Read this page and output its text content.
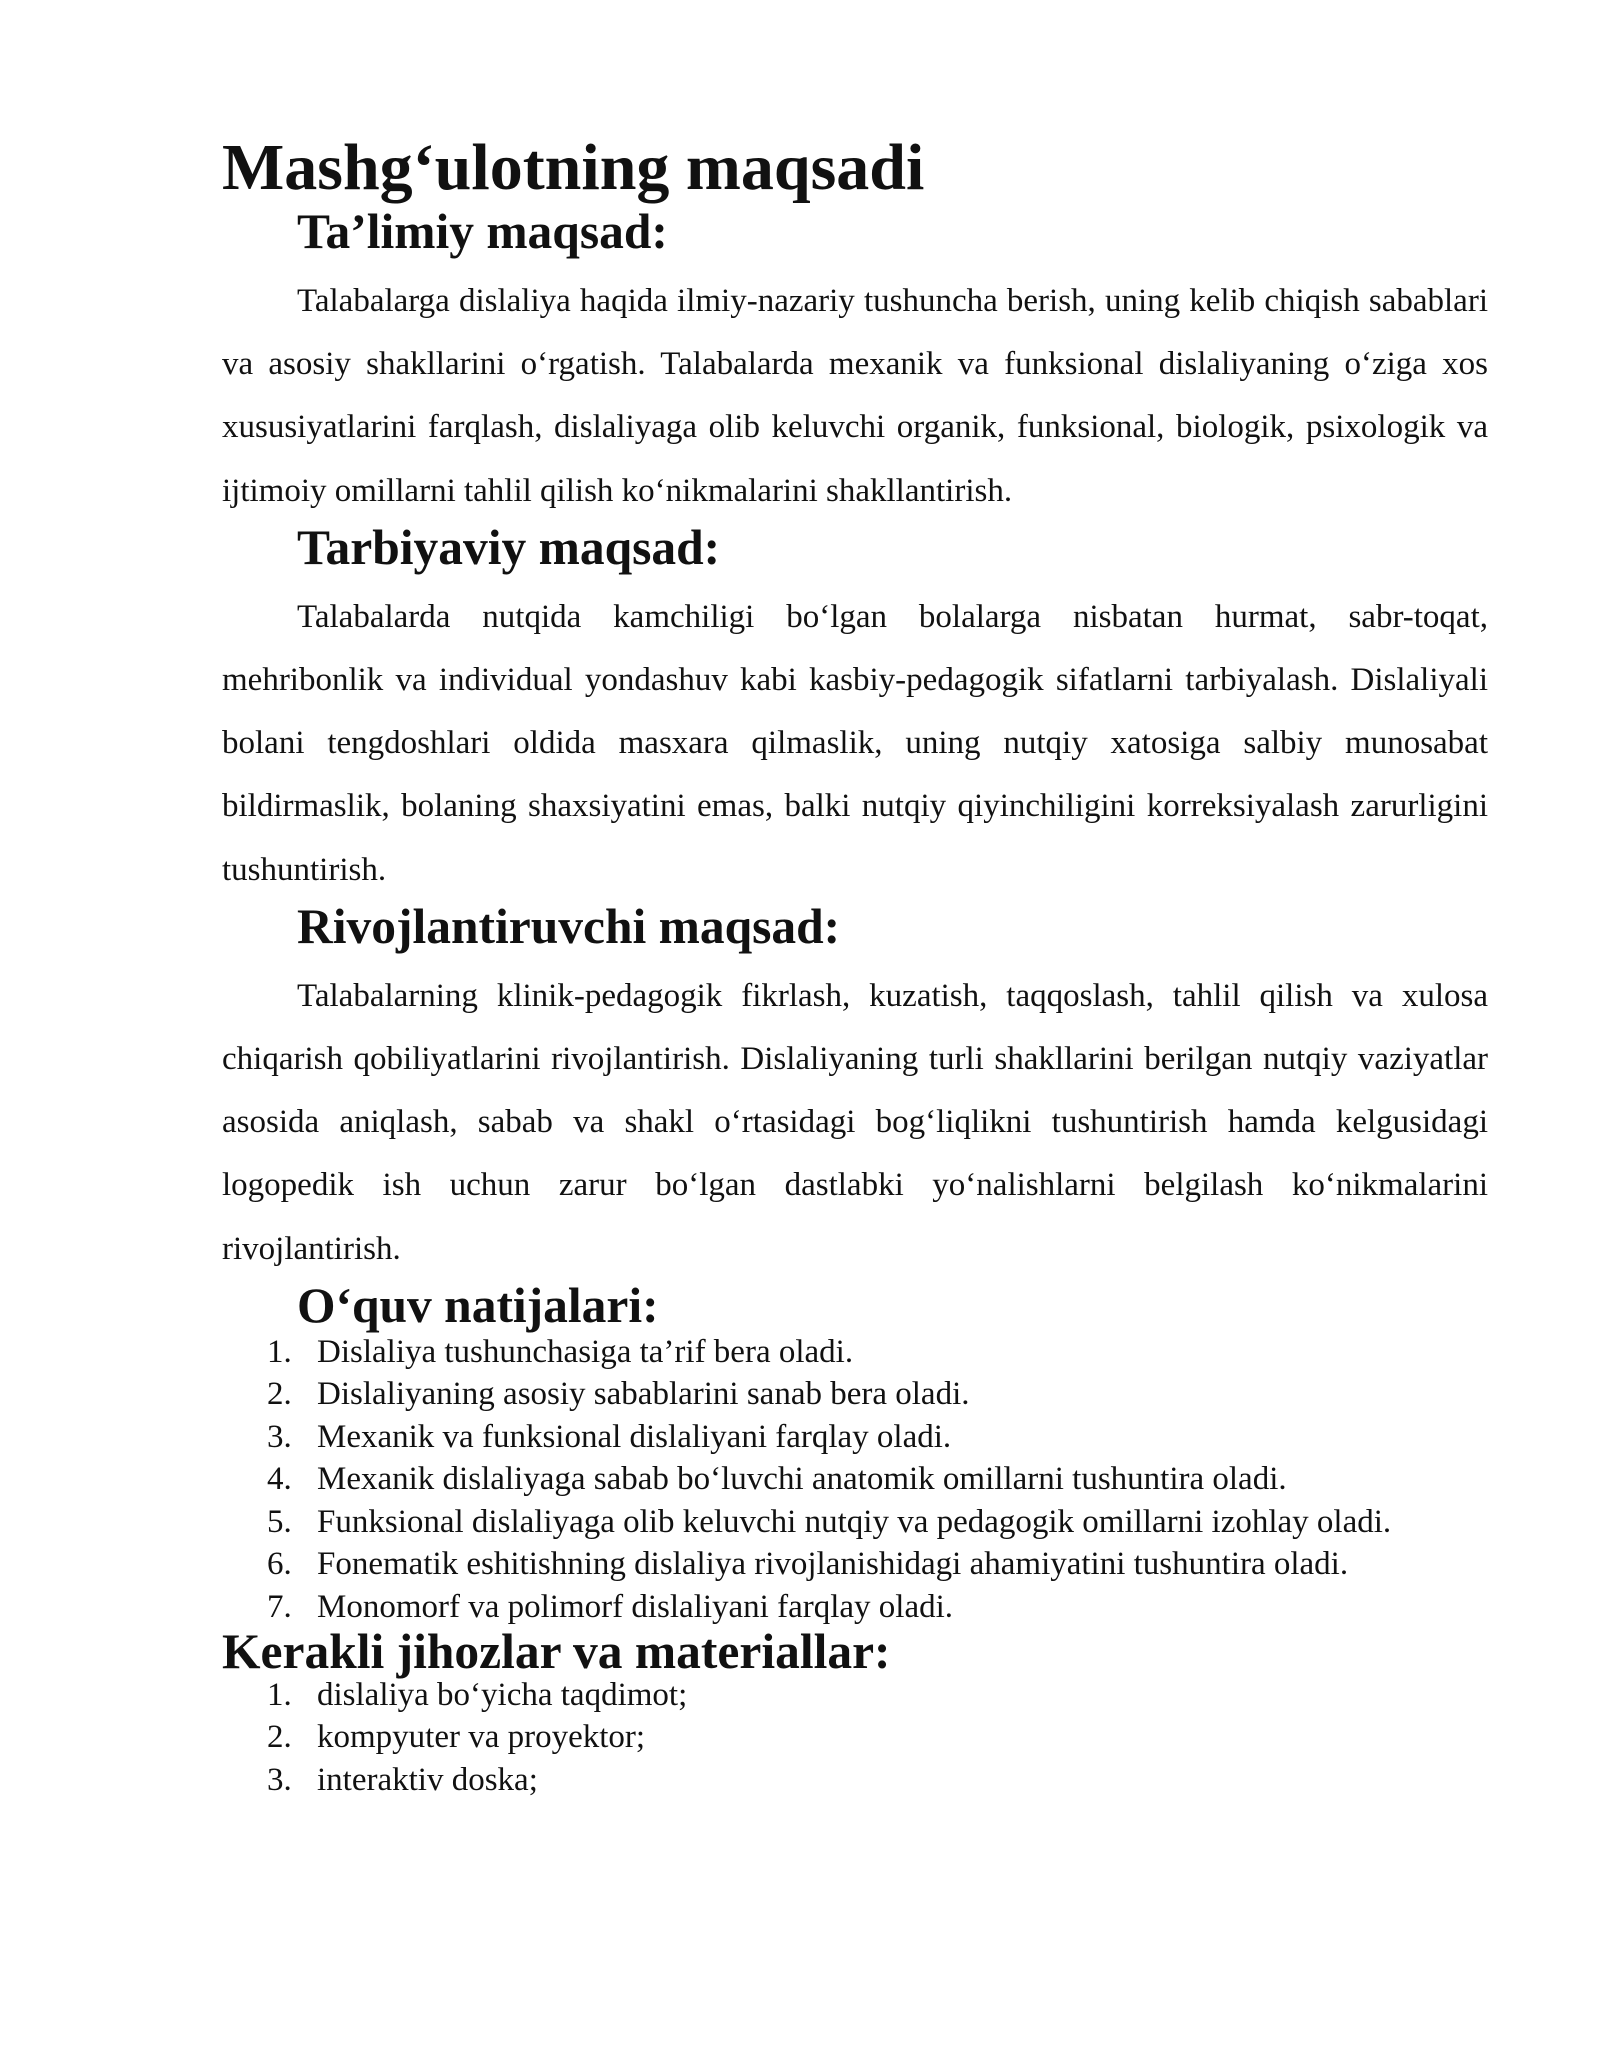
Mashg‘ulotning maqsadi
Ta’limiy maqsad:

Talabalarga dislaliya haqida ilmiy-nazariy tushuncha berish, uning kelib chiqish sabablari va asosiy shakllarini o‘rgatish. Talabalarda mexanik va funksional dislaliyaning o‘ziga xos xususiyatlarini farqlash, dislaliyaga olib keluvchi organik, funksional, biologik, psixologik va ijtimoiy omillarni tahlil qilish ko‘nikmalarini shakllantirish.

Tarbiyaviy maqsad:

Talabalarda nutqida kamchiligi bo‘lgan bolalarga nisbatan hurmat, sabr-toqat, mehribonlik va individual yondashuv kabi kasbiy-pedagogik sifatlarni tarbiyalash. Dislaliyali bolani tengdoshlari oldida masxara qilmaslik, uning nutqiy xatosiga salbiy munosabat bildirmaslik, bolaning shaxsiyatini emas, balki nutqiy qiyinchiligini korreksiyalash zarurligini tushuntirish.

Rivojlantiruvchi maqsad:

Talabalarning klinik-pedagogik fikrlash, kuzatish, taqqoslash, tahlil qilish va xulosa chiqarish qobiliyatlarini rivojlantirish. Dislaliyaning turli shakllarini berilgan nutqiy vaziyatlar asosida aniqlash, sabab va shakl o‘rtasidagi bog‘liqlikni tushuntirish hamda kelgusidagi logopedik ish uchun zarur bo‘lgan dastlabki yo‘nalishlarni belgilash ko‘nikmalarini rivojlantirish.

O‘quv natijalari:
1. Dislaliya tushunchasiga ta’rif bera oladi.
2. Dislaliyaning asosiy sabablarini sanab bera oladi.
3. Mexanik va funksional dislaliyani farqlay oladi.
4. Mexanik dislaliyaga sabab bo‘luvchi anatomik omillarni tushuntira oladi.
5. Funksional dislaliyaga olib keluvchi nutqiy va pedagogik omillarni izohlay oladi.
6. Fonematik eshitishning dislaliya rivojlanishidagi ahamiyatini tushuntira oladi.
7. Monomorf va polimorf dislaliyani farqlay oladi.
Kerakli jihozlar va materiallar:
1. dislaliya bo‘yicha taqdimot;
2. kompyuter va proyektor;
3. interaktiv doska;
